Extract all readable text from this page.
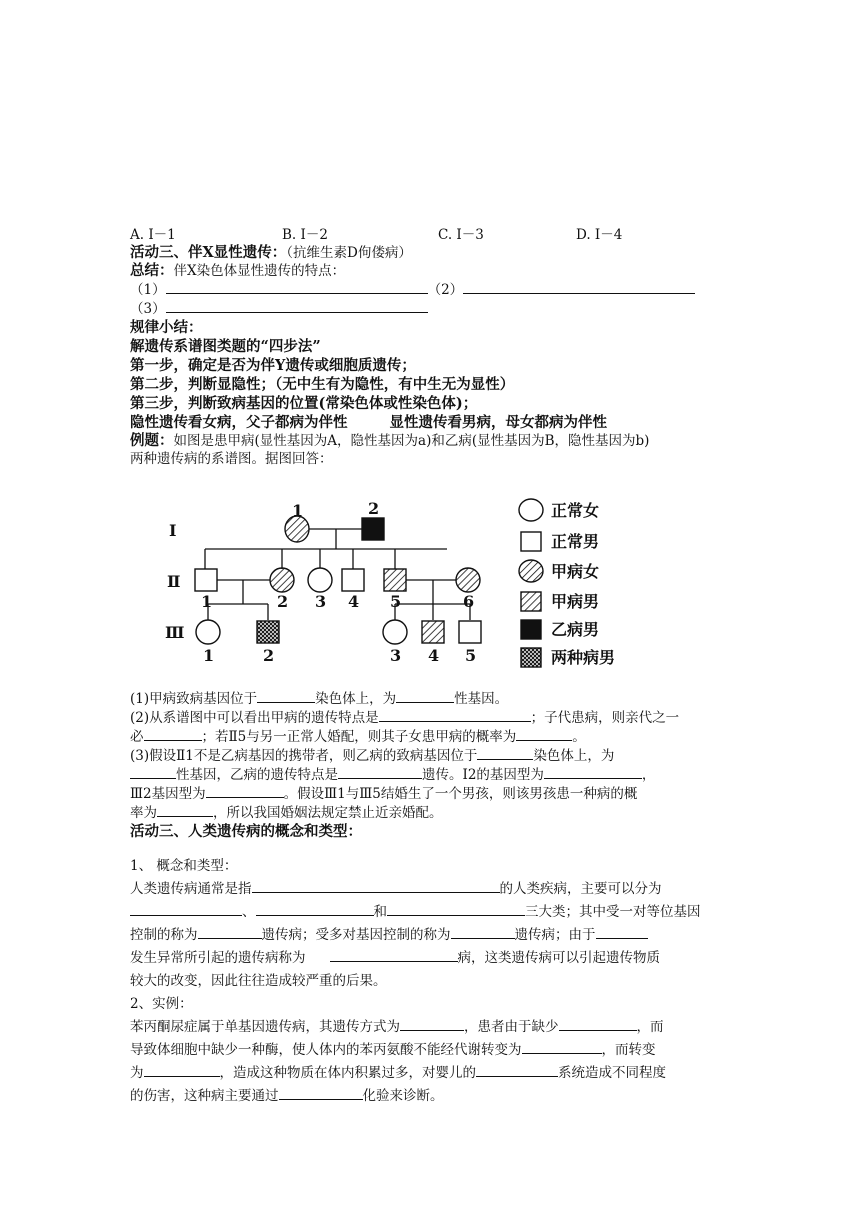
A. Ⅰ－1	B. Ⅰ－2	C. Ⅰ－3	D. Ⅰ－4
活动三、伴X显性遗传：（抗维生素D佝偻病）
总结：伴X染色体显性遗传的特点：
（1）	（2）
（3）
规律小结：
解遗传系谱图类题的“四步法”
第一步，确定是否为伴Y遗传或细胞质遗传；
第二步，判断显隐性；（无中生有为隐性，有中生无为显性）
第三步，判断致病基因的位置(常染色体或性染色体)；
隐性遗传看女病，父子都病为伴性	显性遗传看男病，母女都病为伴性
例题：如图是患甲病(显性基因为A，隐性基因为a)和乙病(显性基因为B，隐性基因为b)
两种遗传病的系谱图。据图回答：
Ⅰ
Ⅱ
Ⅲ
1	2
1	2 3 4 5	6
1	2	3 4 5
正常女
正常男
甲病女
甲病男
乙病男
两种病男
(1)甲病致病基因位于	染色体上，为	性基因。
(2)从系谱图中可以看出甲病的遗传特点是	；子代患病，则亲代之一
必	；若Ⅱ5与另一正常人婚配，则其子女患甲病的概率为	。
(3)假设Ⅱ1不是乙病基因的携带者，则乙病的致病基因位于	染色体上，为
性基因，乙病的遗传特点是	遗传。Ⅰ2的基因型为	，
Ⅲ2基因型为	。假设Ⅲ1与Ⅲ5结婚生了一个男孩，则该男孩患一种病的概
率为	，所以我国婚姻法规定禁止近亲婚配。
活动三、人类遗传病的概念和类型：
1、 概念和类型：
人类遗传病通常是指	的人类疾病，主要可以分为
、	和	三大类；其中受一对等位基因
控制的称为	遗传病；受多对基因控制的称为	遗传病；由于
发生异常所引起的遗传病称为	病，这类遗传病可以引起遗传物质
较大的改变，因此往往造成较严重的后果。
2、实例：
苯丙酮尿症属于单基因遗传病，其遗传方式为	，患者由于缺少	，而
导致体细胞中缺少一种酶，使人体内的苯丙氨酸不能经代谢转变为	，而转变
为	，造成这种物质在体内积累过多，对婴儿的	系统造成不同程度
的伤害，这种病主要通过	化验来诊断。
